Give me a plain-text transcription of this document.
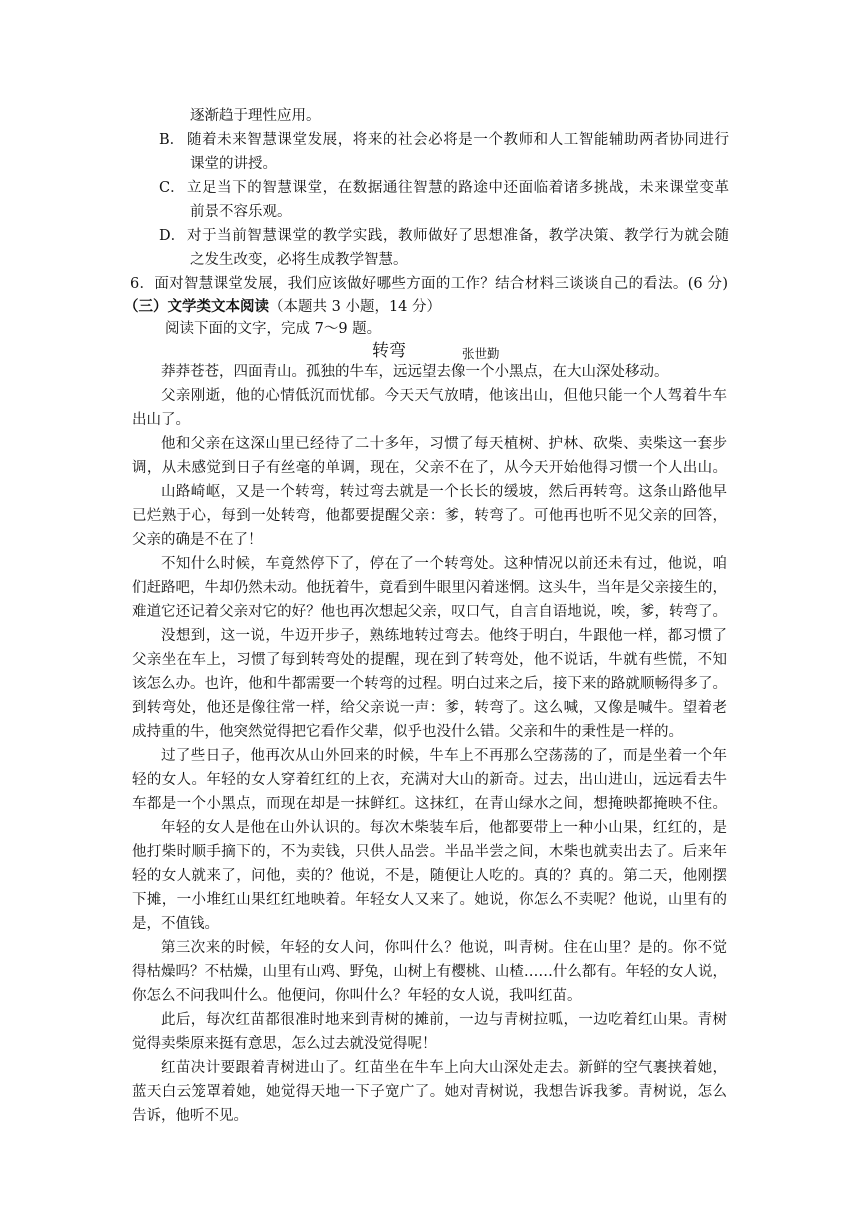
逐渐趋于理性应用。
B． 随着未来智慧课堂发展，将来的社会必将是一个教师和人工智能辅助两者协同进行
课堂的讲授。
C． 立足当下的智慧课堂，在数据通往智慧的路途中还面临着诸多挑战，未来课堂变革
前景不容乐观。
D． 对于当前智慧课堂的教学实践，教师做好了思想准备，教学决策、教学行为就会随
之发生改变，必将生成教学智慧。
6．面对智慧课堂发展，我们应该做好哪些方面的工作？结合材料三谈谈自己的看法。(6 分)
（三）文学类文本阅读（本题共 3 小题，14 分）
阅读下面的文字，完成 7～9 题。
转弯	张世勤
莽莽苍苍，四面青山。孤独的牛车，远远望去像一个小黑点，在大山深处移动。
父亲刚逝，他的心情低沉而忧郁。今天天气放晴，他该出山，但他只能一个人驾着牛车
出山了。
他和父亲在这深山里已经待了二十多年，习惯了每天植树、护林、砍柴、卖柴这一套步
调，从未感觉到日子有丝毫的单调，现在，父亲不在了，从今天开始他得习惯一个人出山。
山路崎岖，又是一个转弯，转过弯去就是一个长长的缓坡，然后再转弯。这条山路他早
已烂熟于心，每到一处转弯，他都要提醒父亲：爹，转弯了。可他再也听不见父亲的回答，
父亲的确是不在了！
不知什么时候，车竟然停下了，停在了一个转弯处。这种情况以前还未有过，他说，咱
们赶路吧，牛却仍然未动。他抚着牛，竟看到牛眼里闪着迷惘。这头牛，当年是父亲接生的，
难道它还记着父亲对它的好？他也再次想起父亲，叹口气，自言自语地说，唉，爹，转弯了。
没想到，这一说，牛迈开步子，熟练地转过弯去。他终于明白，牛跟他一样，都习惯了
父亲坐在车上，习惯了每到转弯处的提醒，现在到了转弯处，他不说话，牛就有些慌，不知
该怎么办。也许，他和牛都需要一个转弯的过程。明白过来之后，接下来的路就顺畅得多了。
到转弯处，他还是像往常一样，给父亲说一声：爹，转弯了。这么喊，又像是喊牛。望着老
成持重的牛，他突然觉得把它看作父辈，似乎也没什么错。父亲和牛的秉性是一样的。
过了些日子，他再次从山外回来的时候，牛车上不再那么空荡荡的了，而是坐着一个年
轻的女人。年轻的女人穿着红红的上衣，充满对大山的新奇。过去，出山进山，远远看去牛
车都是一个小黑点，而现在却是一抹鲜红。这抹红，在青山绿水之间，想掩映都掩映不住。
年轻的女人是他在山外认识的。每次木柴装车后，他都要带上一种小山果，红红的，是
他打柴时顺手摘下的，不为卖钱，只供人品尝。半品半尝之间，木柴也就卖出去了。后来年
轻的女人就来了，问他，卖的？他说，不是，随便让人吃的。真的？真的。第二天，他刚摆
下摊，一小堆红山果红红地映着。年轻女人又来了。她说，你怎么不卖呢？他说，山里有的
是，不值钱。
第三次来的时候，年轻的女人问，你叫什么？他说，叫青树。住在山里？是的。你不觉
得枯燥吗？不枯燥，山里有山鸡、野兔，山树上有樱桃、山楂……什么都有。年轻的女人说，
你怎么不问我叫什么。他便问，你叫什么？年轻的女人说，我叫红苗。
此后，每次红苗都很准时地来到青树的摊前，一边与青树拉呱，一边吃着红山果。青树
觉得卖柴原来挺有意思，怎么过去就没觉得呢！
红苗决计要跟着青树进山了。红苗坐在牛车上向大山深处走去。新鲜的空气裹挟着她，
蓝天白云笼罩着她，她觉得天地一下子宽广了。她对青树说，我想告诉我爹。青树说，怎么
告诉，他听不见。
